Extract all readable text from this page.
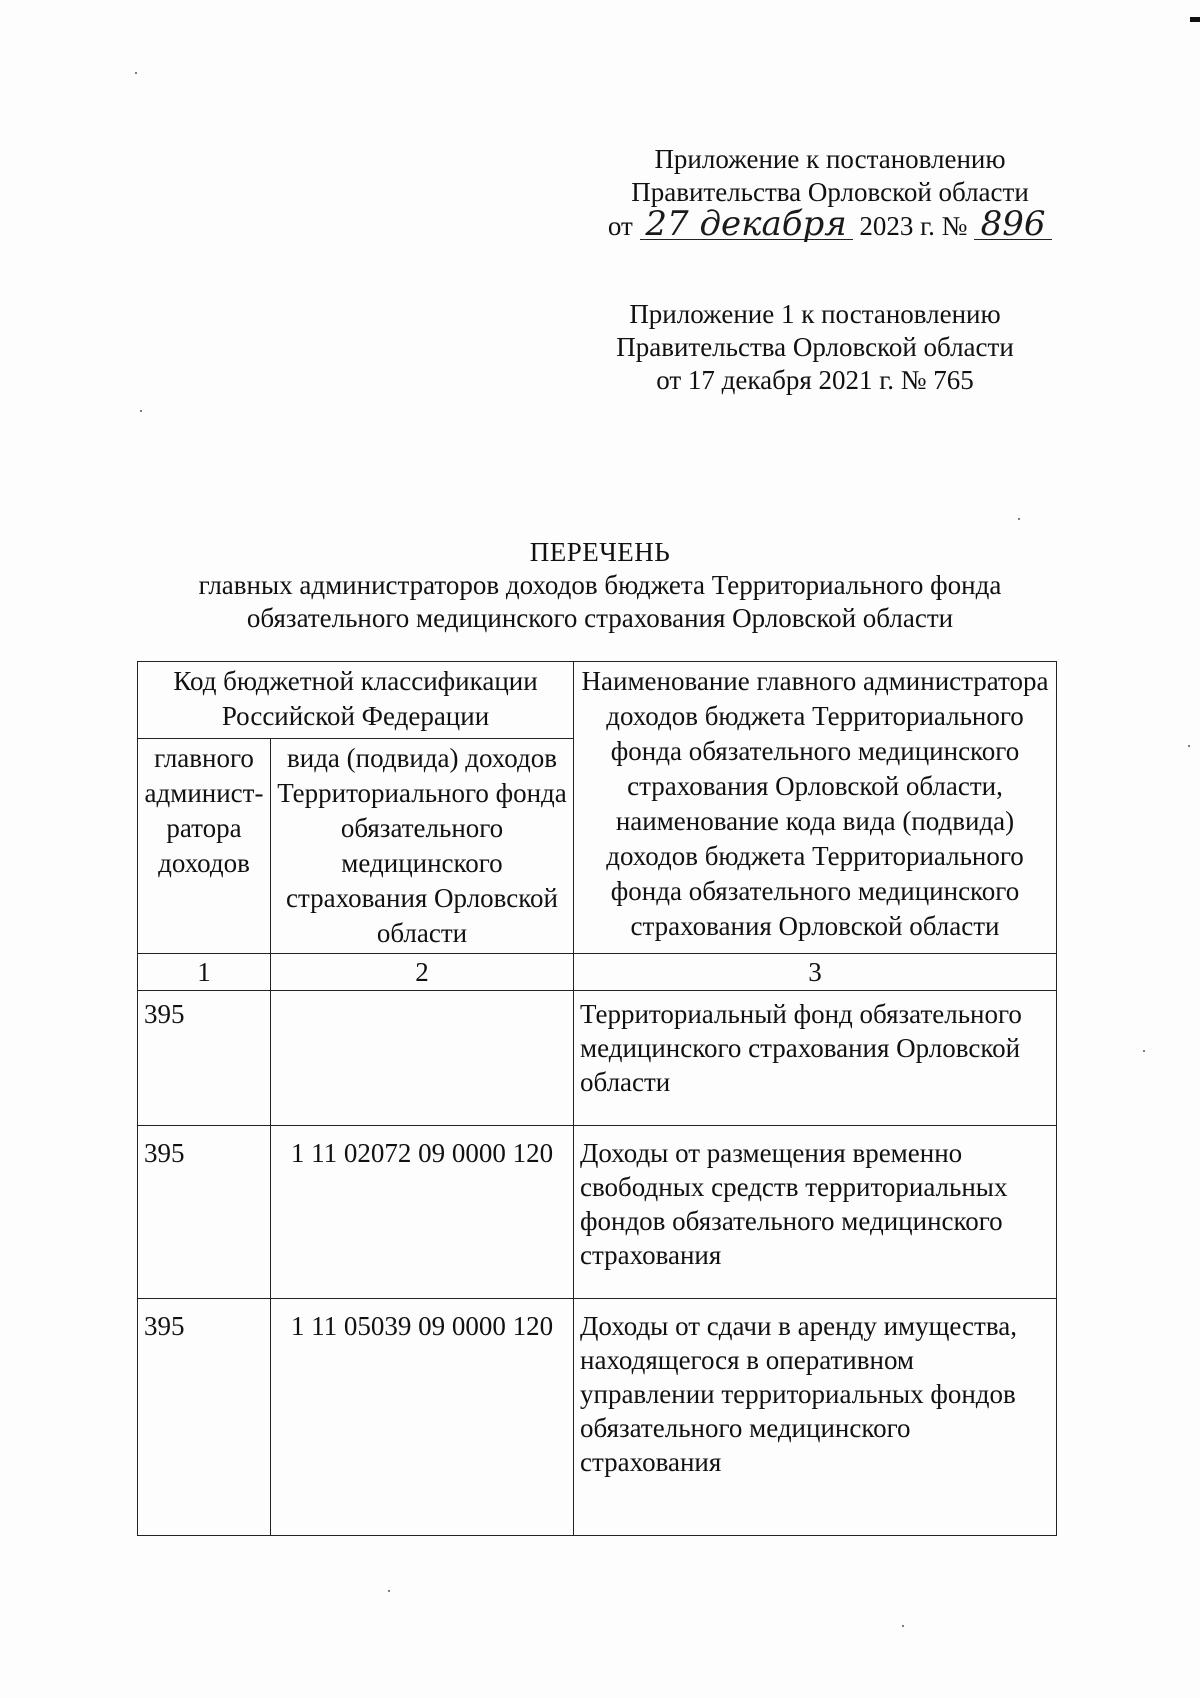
Приложение к постановлению
Правительства Орловской области
от 27 декабря 2023 г. № 896
Приложение 1 к постановлению
Правительства Орловской области
от 17 декабря 2021 г. № 765
ПЕРЕЧЕНЬ
главных администраторов доходов бюджета Территориального фонда
обязательного медицинского страхования Орловской области
Код бюджетной классификации Российской Федерации		Наименование главного администратора доходов бюджета Территориального фонда обязательного медицинского страхования Орловской области, наименование кода вида (подвида) доходов бюджета Территориального фонда обязательного медицинского страхования Орловской области
главного админист-ратора доходов	вида (подвида) доходов Территориального фонда обязательного медицинского страхования Орловской области	
1	2	3
395		Территориальный фонд обязательного медицинского страхования Орловской области
395	1 11 02072 09 0000 120	Доходы от размещения временно свободных средств территориальных фондов обязательного медицинского страхования
395	1 11 05039 09 0000 120	Доходы от сдачи в аренду имущества, находящегося в оперативном управлении территориальных фондов обязательного медицинского страхования
